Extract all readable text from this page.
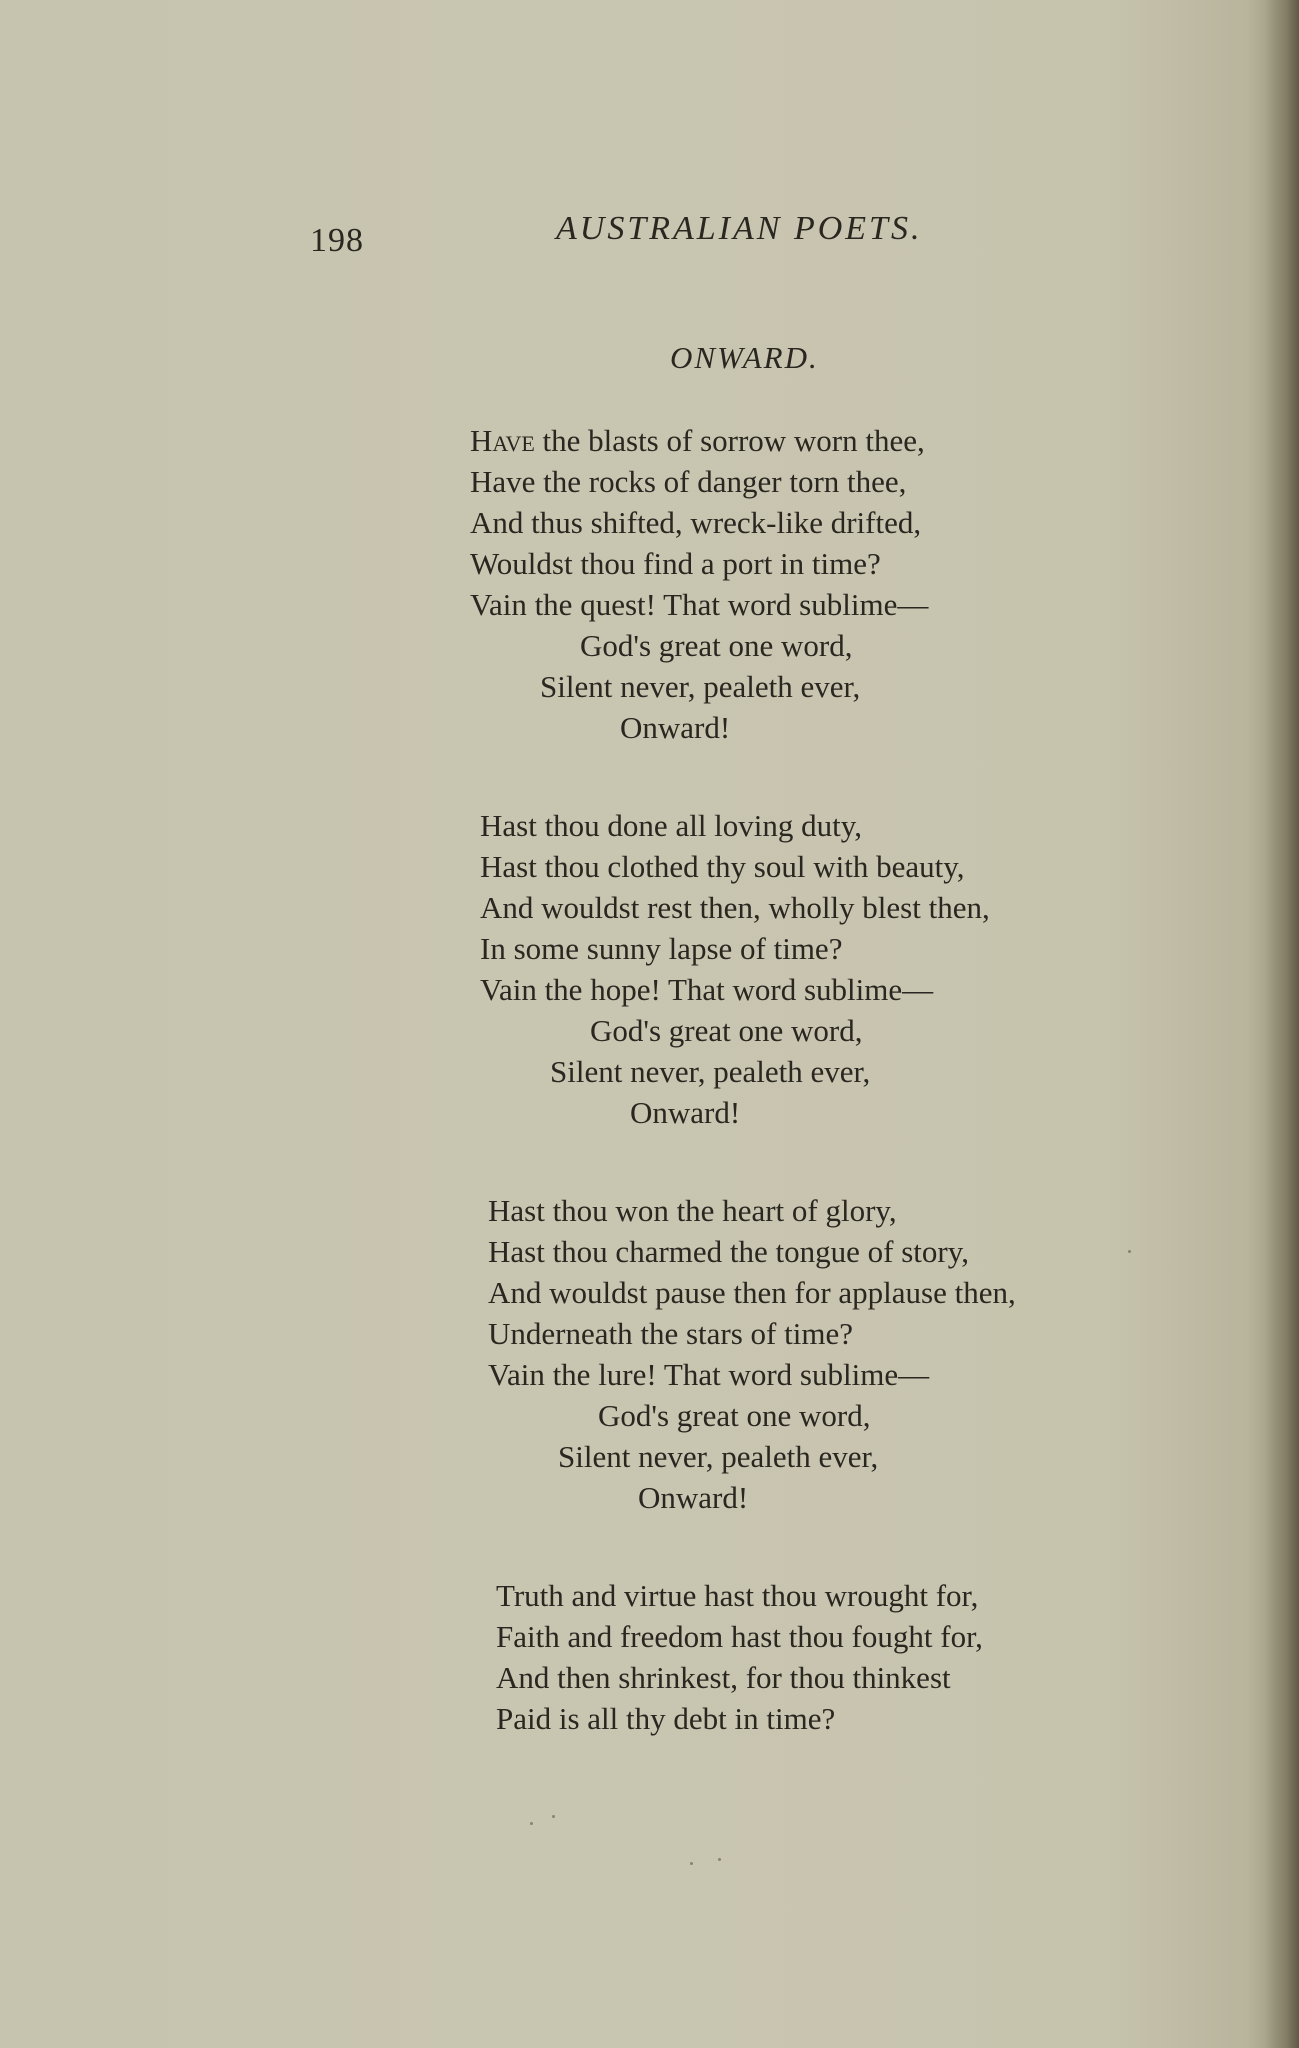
198	AUSTRALIAN POETS.
ONWARD.
Have the blasts of sorrow worn thee,
Have the rocks of danger torn thee,
And thus shifted, wreck-like drifted,
Wouldst thou find a port in time?
Vain the quest! That word sublime—
God's great one word,
Silent never, pealeth ever,
Onward!
Hast thou done all loving duty,
Hast thou clothed thy soul with beauty,
And wouldst rest then, wholly blest then,
In some sunny lapse of time?
Vain the hope! That word sublime—
God's great one word,
Silent never, pealeth ever,
Onward!
Hast thou won the heart of glory,
Hast thou charmed the tongue of story,
And wouldst pause then for applause then,
Underneath the stars of time?
Vain the lure! That word sublime—
God's great one word,
Silent never, pealeth ever,
Onward!
Truth and virtue hast thou wrought for,
Faith and freedom hast thou fought for,
And then shrinkest, for thou thinkest
Paid is all thy debt in time?
